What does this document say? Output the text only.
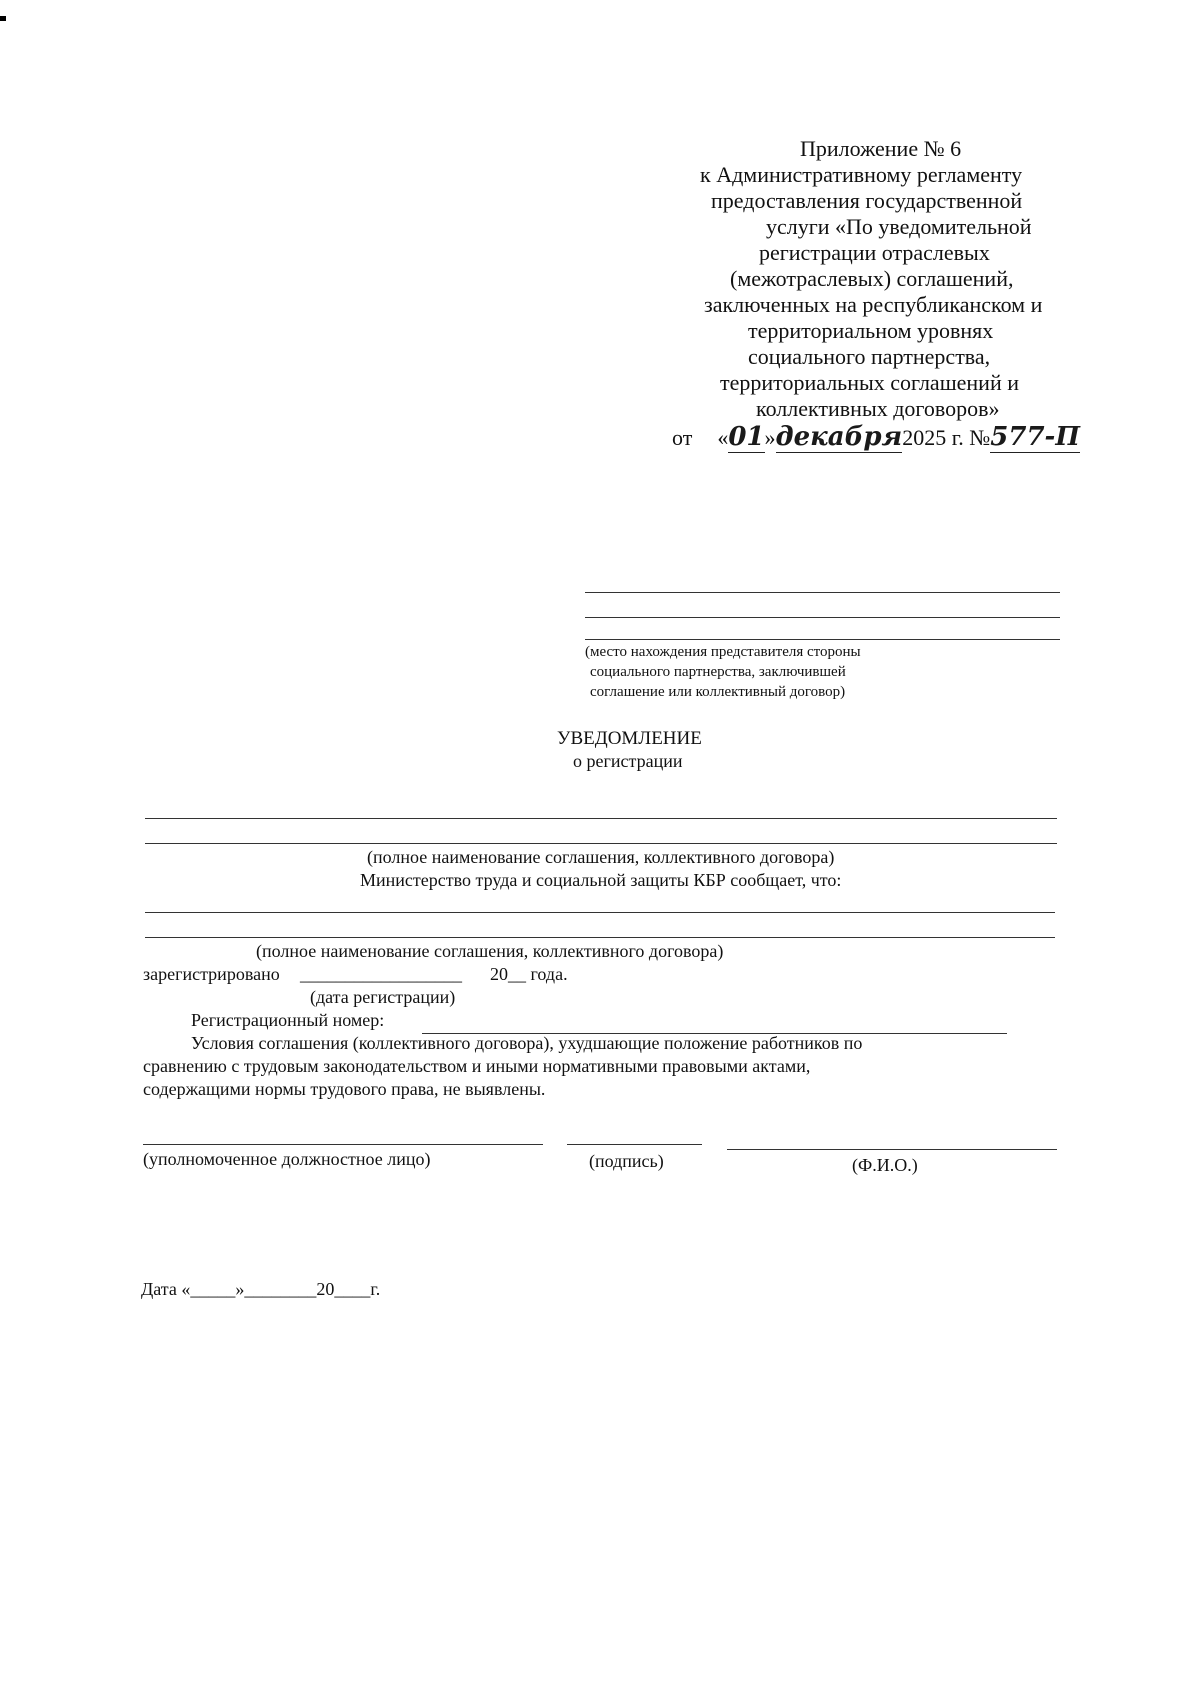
Приложение № 6
к Административному регламенту
предоставления государственной
услуги «По уведомительной
регистрации отраслевых
(межотраслевых) соглашений,
заключенных на республиканском и
территориальном уровнях
социального партнерства,
территориальных соглашений и
коллективных договоров»
от «01»декабря2025 г. №577-П
(место нахождения представителя стороны
социального партнерства, заключившей
соглашение или коллективный договор)
УВЕДОМЛЕНИЕ
о регистрации
(полное наименование соглашения, коллективного договора)
Министерство труда и социальной защиты КБР сообщает, что:
(полное наименование соглашения, коллективного договора)
зарегистрировано __________________ 20__ года.
(дата регистрации)
Регистрационный номер:
Условия соглашения (коллективного договора), ухудшающие положение работников по
сравнению с трудовым законодательством и иными нормативными правовыми актами,
содержащими нормы трудового права, не выявлены.
(уполномоченное должностное лицо)	(подпись)	(Ф.И.О.)
Дата «_____»________20____г.
